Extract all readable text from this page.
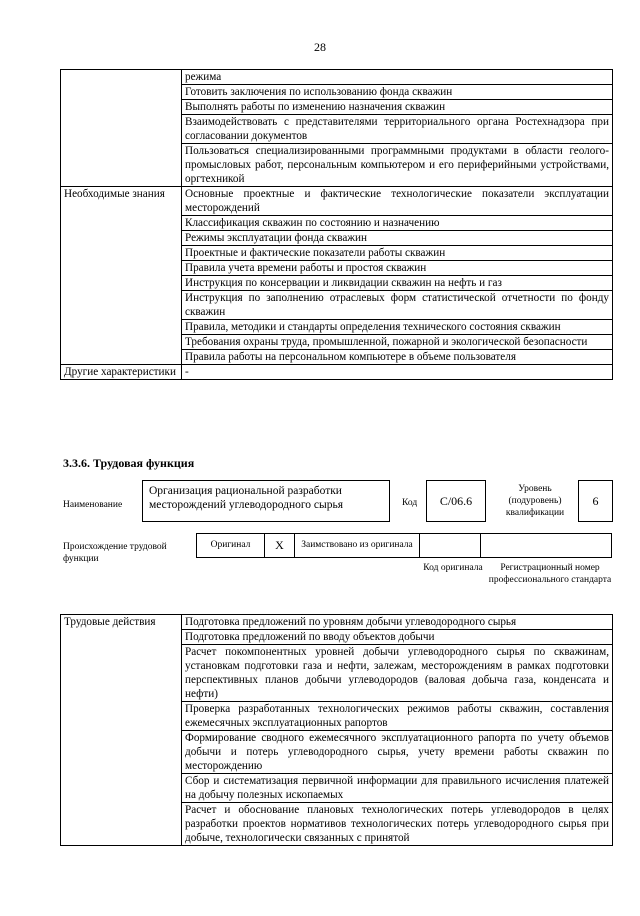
28
	режима
	Готовить заключения по использованию фонда скважин
	Выполнять работы по изменению назначения скважин
	Взаимодействовать с представителями территориального органа Ростехнадзора при согласовании документов
	Пользоваться специализированными программными продуктами в области геолого-промысловых работ, персональным компьютером и его периферийными устройствами, оргтехникой
Необходимые знания	Основные проектные и фактические технологические показатели эксплуатации месторождений
	Классификация скважин по состоянию и назначению
	Режимы эксплуатации фонда скважин
	Проектные и фактические показатели работы скважин
	Правила учета времени работы и простоя скважин
	Инструкция по консервации и ликвидации скважин на нефть и газ
	Инструкция по заполнению отраслевых форм статистической отчетности по фонду скважин
	Правила, методики и стандарты определения технического состояния скважин
	Требования охраны труда, промышленной, пожарной и экологической безопасности
	Правила работы на персональном компьютере в объеме пользователя
Другие характеристики	-
3.3.6. Трудовая функция
Наименование
Организация рациональной разработки месторождений углеводородного сырья	Код	C/06.6
Уровень (подуровень) квалификации
6
Происхождение трудовой функции
Оригинал	X	Заимствовано из оригинала
Код оригинала	Регистрационный номер профессионального стандарта
Трудовые действия	Подготовка предложений по уровням добычи углеводородного сырья
Подготовка предложений по вводу объектов добычи
Расчет покомпонентных уровней добычи углеводородного сырья по скважинам, установкам подготовки газа и нефти, залежам, месторождениям в рамках подготовки перспективных планов добычи углеводородов (валовая добыча газа, конденсата и нефти)
Проверка разработанных технологических режимов работы скважин, составления ежемесячных эксплуатационных рапортов
Формирование сводного ежемесячного эксплуатационного рапорта по учету объемов добычи и потерь углеводородного сырья, учету времени работы скважин по месторождению
Сбор и систематизация первичной информации для правильного исчисления платежей на добычу полезных ископаемых

Расчет и обоснование плановых технологических потерь углеводородов в целях разработки проектов нормативов технологических потерь углеводородного сырья при добыче, технологически связанных с принятой
